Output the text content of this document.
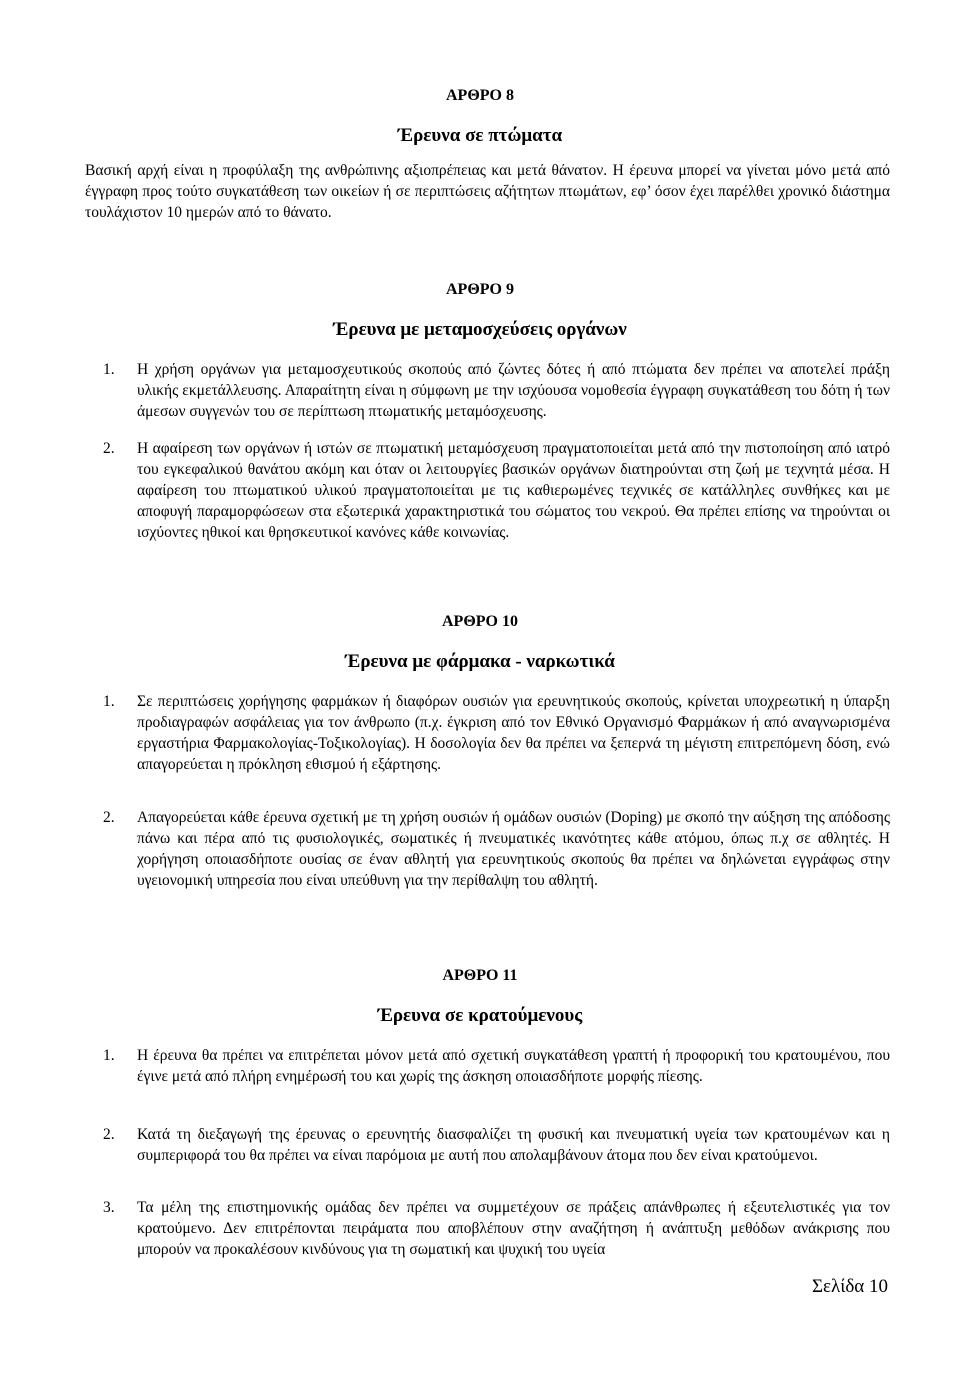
ΑΡΘΡΟ 8
Έρευνα σε πτώματα

Βασική αρχή είναι η προφύλαξη της ανθρώπινης αξιοπρέπειας και μετά θάνατον. Η έρευνα μπορεί να γίνεται μόνο μετά από έγγραφη προς τούτο συγκατάθεση των οικείων ή σε περιπτώσεις αζήτητων πτωμάτων, εφ’ όσον έχει παρέλθει χρονικό διάστημα τουλάχιστον 10 ημερών από το θάνατο.

ΑΡΘΡΟ 9
Έρευνα με μεταμοσχεύσεις οργάνων
1. Η χρήση οργάνων για μεταμοσχευτικούς σκοπούς από ζώντες δότες ή από πτώματα δεν πρέπει να αποτελεί πράξη υλικής εκμετάλλευσης. Απαραίτητη είναι η σύμφωνη με την ισχύουσα νομοθεσία έγγραφη συγκατάθεση του δότη ή των άμεσων συγγενών του σε περίπτωση πτωματικής μεταμόσχευσης.
2. Η αφαίρεση των οργάνων ή ιστών σε πτωματική μεταμόσχευση πραγματοποιείται μετά από την πιστοποίηση από ιατρό του εγκεφαλικού θανάτου ακόμη και όταν οι λειτουργίες βασικών οργάνων διατηρούνται στη ζωή με τεχνητά μέσα. Η αφαίρεση του πτωματικού υλικού πραγματοποιείται με τις καθιερωμένες τεχνικές σε κατάλληλες συνθήκες και με αποφυγή παραμορφώσεων στα εξωτερικά χαρακτηριστικά του σώματος του νεκρού. Θα πρέπει επίσης να τηρούνται οι ισχύοντες ηθικοί και θρησκευτικοί κανόνες κάθε κοινωνίας.
ΑΡΘΡΟ 10
Έρευνα με φάρμακα - ναρκωτικά
1. Σε περιπτώσεις χορήγησης φαρμάκων ή διαφόρων ουσιών για ερευνητικούς σκοπούς, κρίνεται υποχρεωτική η ύπαρξη προδιαγραφών ασφάλειας για τον άνθρωπο (π.χ. έγκριση από τον Εθνικό Οργανισμό Φαρμάκων ή από αναγνωρισμένα εργαστήρια Φαρμακολογίας-Τοξικολογίας). Η δοσολογία δεν θα πρέπει να ξεπερνά τη μέγιστη επιτρεπόμενη δόση, ενώ απαγορεύεται η πρόκληση εθισμού ή εξάρτησης.
2. Απαγορεύεται κάθε έρευνα σχετική με τη χρήση ουσιών ή ομάδων ουσιών (Doping) με σκοπό την αύξηση της απόδοσης πάνω και πέρα από τις φυσιολογικές, σωματικές ή πνευματικές ικανότητες κάθε ατόμου, όπως π.χ σε αθλητές. Η χορήγηση οποιασδήποτε ουσίας σε έναν αθλητή για ερευνητικούς σκοπούς θα πρέπει να δηλώνεται εγγράφως στην υγειονομική υπηρεσία που είναι υπεύθυνη για την περίθαλψη του αθλητή.
ΑΡΘΡΟ 11
Έρευνα σε κρατούμενους
1. Η έρευνα θα πρέπει να επιτρέπεται μόνον μετά από σχετική συγκατάθεση γραπτή ή προφορική του κρατουμένου, που έγινε μετά από πλήρη ενημέρωσή του και χωρίς της άσκηση οποιασδήποτε μορφής πίεσης.
2. Κατά τη διεξαγωγή της έρευνας ο ερευνητής διασφαλίζει τη φυσική και πνευματική υγεία των κρατουμένων και η συμπεριφορά του θα πρέπει να είναι παρόμοια με αυτή που απολαμβάνουν άτομα που δεν είναι κρατούμενοι.
3. Τα μέλη της επιστημονικής ομάδας δεν πρέπει να συμμετέχουν σε πράξεις απάνθρωπες ή εξευτελιστικές για τον κρατούμενο. Δεν επιτρέπονται πειράματα που αποβλέπουν στην αναζήτηση ή ανάπτυξη μεθόδων ανάκρισης που μπορούν να προκαλέσουν κινδύνους για τη σωματική και ψυχική του υγεία
Σελίδα 10
